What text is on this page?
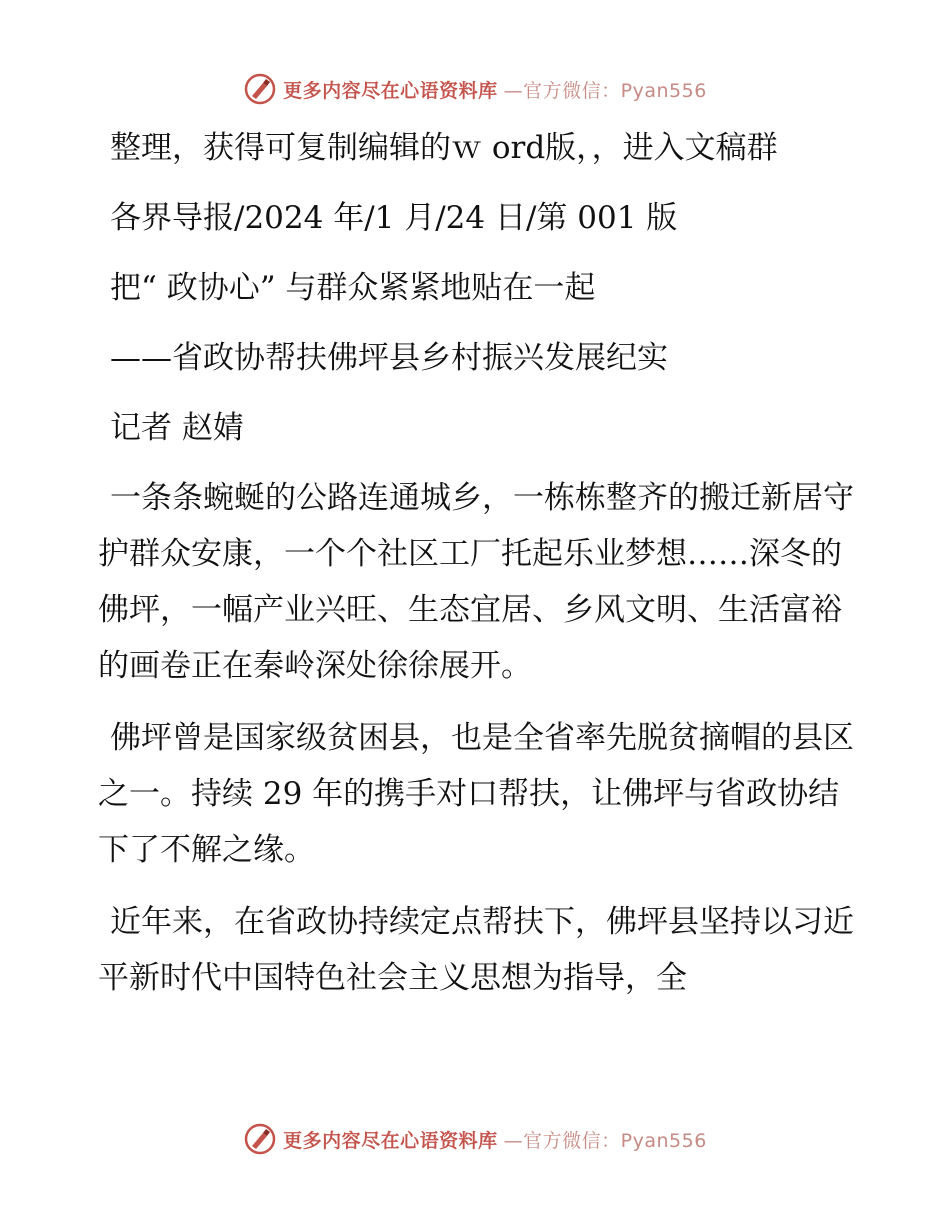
更多内容尽在心语资料库 —官方微信：Pyan556

整理，获得可复制编辑的ｗ ord版，，进入文稿群

各界导报/2024 年/1 月/24 日/第 001 版

把“ 政协心” 与群众紧紧地贴在一起

——省政协帮扶佛坪县乡村振兴发展纪实

记者 赵婧

一条条蜿蜒的公路连通城乡，一栋栋整齐的搬迁新居守护群众安康，一个个社区工厂托起乐业梦想……深冬的佛坪，一幅产业兴旺、生态宜居、乡风文明、生活富裕的画卷正在秦岭深处徐徐展开。

佛坪曾是国家级贫困县，也是全省率先脱贫摘帽的县区之一。持续 29 年的携手对口帮扶，让佛坪与省政协结下了不解之缘。

近年来，在省政协持续定点帮扶下，佛坪县坚持以习近平新时代中国特色社会主义思想为指导，全

更多内容尽在心语资料库 —官方微信：Pyan556
